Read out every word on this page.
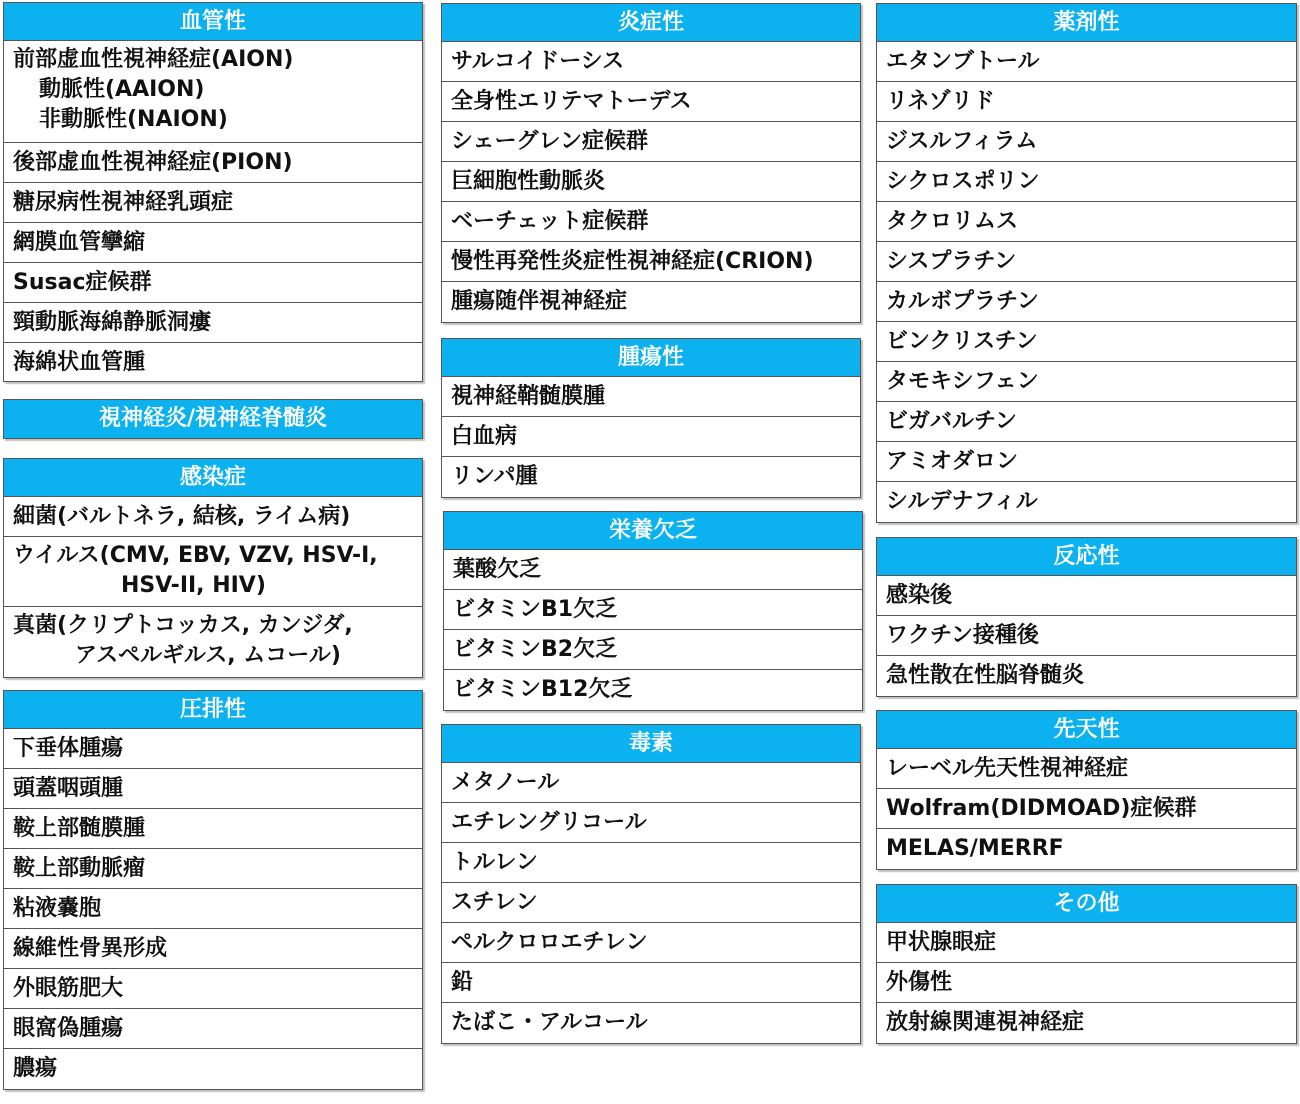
血管性
前部虚血性視神経症(AION)
動脈性(AAION)
非動脈性(NAION)
後部虚血性視神経症(PION)
糖尿病性視神経乳頭症
網膜血管攣縮
Susac症候群
頸動脈海綿静脈洞瘻
海綿状血管腫
視神経炎/視神経脊髄炎
感染症
細菌(バルトネラ, 結核, ライム病)
ウイルス(CMV, EBV, VZV, HSV-I,
HSV-II, HIV)
真菌(クリプトコッカス, カンジダ,
アスペルギルス, ムコール)
圧排性
下垂体腫瘍
頭蓋咽頭腫
鞍上部髄膜腫
鞍上部動脈瘤
粘液嚢胞
線維性骨異形成
外眼筋肥大
眼窩偽腫瘍
膿瘍
炎症性
サルコイドーシス
全身性エリテマトーデス
シェーグレン症候群
巨細胞性動脈炎
ベーチェット症候群
慢性再発性炎症性視神経症(CRION)
腫瘍随伴視神経症
腫瘍性
視神経鞘髄膜腫
白血病
リンパ腫
栄養欠乏
葉酸欠乏
ビタミンB1欠乏
ビタミンB2欠乏
ビタミンB12欠乏
毒素
メタノール
エチレングリコール
トルレン
スチレン
ペルクロロエチレン
鉛
たばこ・アルコール
薬剤性
エタンブトール
リネゾリド
ジスルフィラム
シクロスポリン
タクロリムス
シスプラチン
カルボプラチン
ビンクリスチン
タモキシフェン
ビガバルチン
アミオダロン
シルデナフィル
反応性
感染後
ワクチン接種後
急性散在性脳脊髄炎
先天性
レーベル先天性視神経症
Wolfram(DIDMOAD)症候群
MELAS/MERRF
その他
甲状腺眼症
外傷性
放射線関連視神経症
